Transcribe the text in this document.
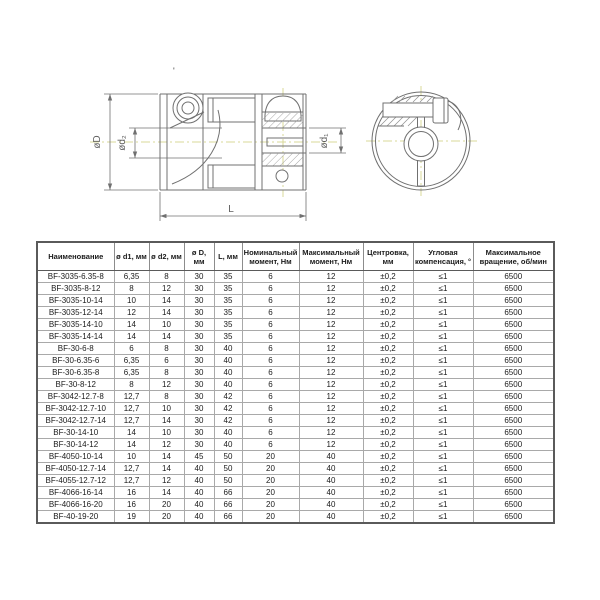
'
øD ød₂	ød₁
L
Наименование	ø d1, мм	ø d2, мм	ø D, мм	L, мм	Номинальный момент, Нм	Максимальный момент, Нм	Центровка, мм	Угловая компенсация, °	Максимальное вращение, об/мин
BF-3035-6.35-8	6,35	8	30	35	6	12	±0,2	≤1	6500
BF-3035-8-12	8	12	30	35	6	12	±0,2	≤1	6500
BF-3035-10-14	10	14	30	35	6	12	±0,2	≤1	6500
BF-3035-12-14	12	14	30	35	6	12	±0,2	≤1	6500
BF-3035-14-10	14	10	30	35	6	12	±0,2	≤1	6500
BF-3035-14-14	14	14	30	35	6	12	±0,2	≤1	6500
BF-30-6-8	6	8	30	40	6	12	±0,2	≤1	6500
BF-30-6.35-6	6,35	6	30	40	6	12	±0,2	≤1	6500
BF-30-6.35-8	6,35	8	30	40	6	12	±0,2	≤1	6500
BF-30-8-12	8	12	30	40	6	12	±0,2	≤1	6500
BF-3042-12.7-8	12,7	8	30	42	6	12	±0,2	≤1	6500
BF-3042-12.7-10	12,7	10	30	42	6	12	±0,2	≤1	6500
BF-3042-12.7-14	12,7	14	30	42	6	12	±0,2	≤1	6500
BF-30-14-10	14	10	30	40	6	12	±0,2	≤1	6500
BF-30-14-12	14	12	30	40	6	12	±0,2	≤1	6500
BF-4050-10-14	10	14	45	50	20	40	±0,2	≤1	6500
BF-4050-12.7-14	12,7	14	40	50	20	40	±0,2	≤1	6500
BF-4055-12.7-12	12,7	12	40	50	20	40	±0,2	≤1	6500
BF-4066-16-14	16	14	40	66	20	40	±0,2	≤1	6500
BF-4066-16-20	16	20	40	66	20	40	±0,2	≤1	6500
BF-40-19-20	19	20	40	66	20	40	±0,2	≤1	6500
